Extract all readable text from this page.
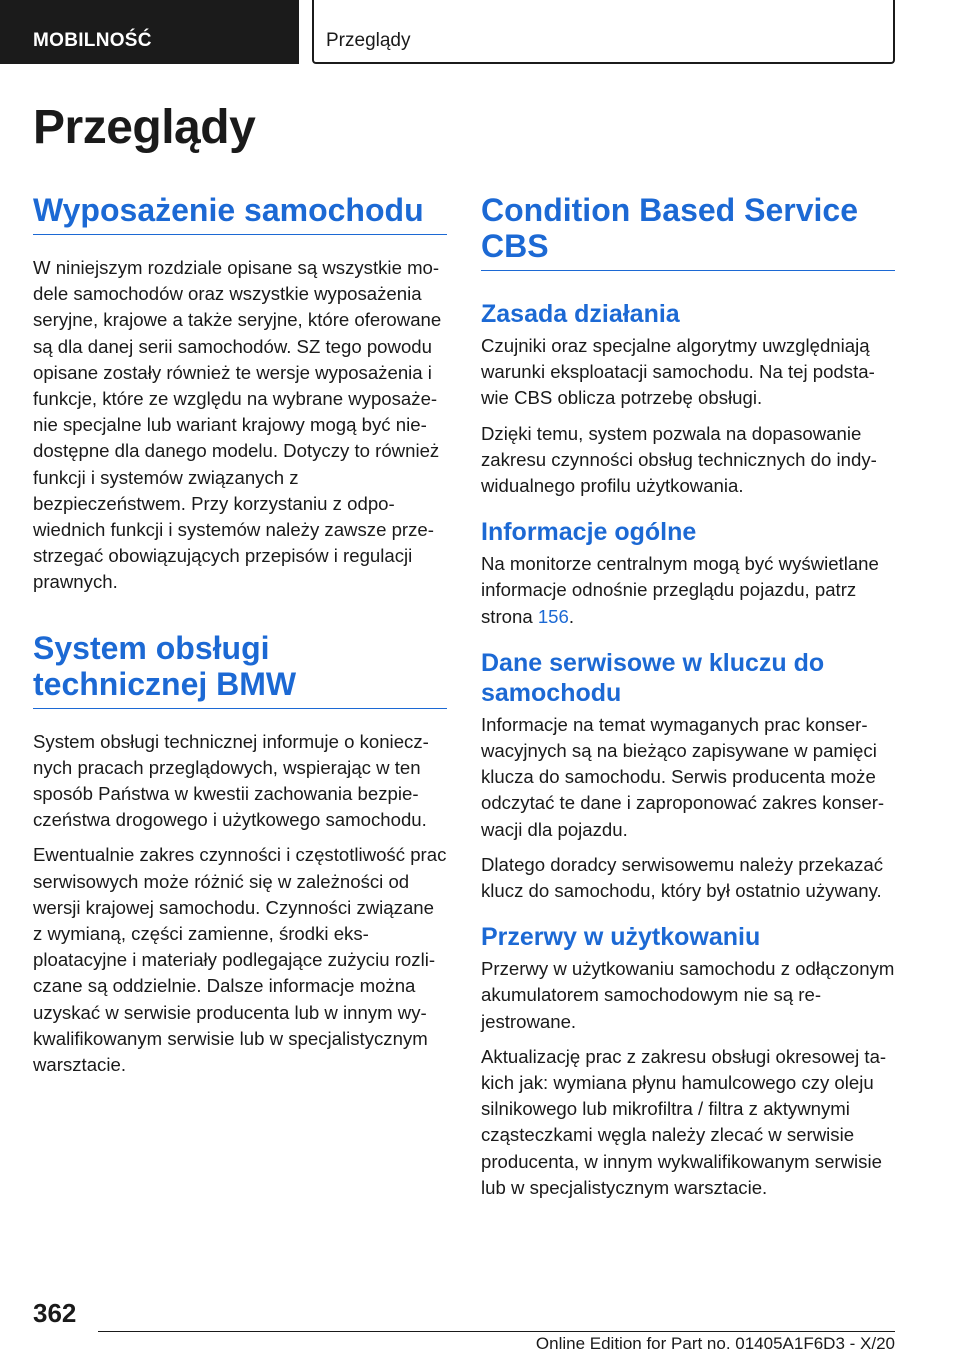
MOBILNOŚĆ	Przeglądy
Przeglądy
Wyposażenie samochodu

W niniejszym rozdziale opisane są wszystkie modele samochodów oraz wszystkie wyposażenia seryjne, krajowe a także seryjne, które oferowane są dla danej serii samochodów. SZ tego powodu opisane zostały również te wersje wyposażenia i funkcje, które ze względu na wybrane wyposażenie specjalne lub wariant krajowy mogą być niedostępne dla danego modelu. Dotyczy to również funkcji i systemów związanych z bezpieczeństwem. Przy korzystaniu z odpowiednich funkcji i systemów należy zawsze przestrzegać obowiązujących przepisów i regulacji prawnych.

System obsługi technicznej BMW

System obsługi technicznej informuje o koniecznych pracach przeglądowych, wspierając w ten sposób Państwa w kwestii zachowania bezpieczeństwa drogowego i użytkowego samochodu.

Ewentualnie zakres czynności i częstotliwość prac serwisowych może różnić się w zależności od wersji krajowej samochodu. Czynności związane z wymianą, części zamienne, środki eksploatacyjne i materiały podlegające zużyciu rozliczane są oddzielnie. Dalsze informacje można uzyskać w serwisie producenta lub w innym wykwalifikowanym serwisie lub w specjalistycznym warsztacie.

Condition Based Service CBS
Zasada działania

Czujniki oraz specjalne algorytmy uwzględniają warunki eksploatacji samochodu. Na tej podstawie CBS oblicza potrzebę obsługi.

Dzięki temu, system pozwala na dopasowanie zakresu czynności obsług technicznych do indywidualnego profilu użytkowania.

Informacje ogólne

Na monitorze centralnym mogą być wyświetlane informacje odnośnie przeglądu pojazdu, patrz strona 156.

Dane serwisowe w kluczu do samochodu

Informacje na temat wymaganych prac konserwacyjnych są na bieżąco zapisywane w pamięci klucza do samochodu. Serwis producenta może odczytać te dane i zaproponować zakres konserwacji dla pojazdu.

Dlatego doradcy serwisowemu należy przekazać klucz do samochodu, który był ostatnio używany.

Przerwy w użytkowaniu

Przerwy w użytkowaniu samochodu z odłączonym akumulatorem samochodowym nie są rejestrowane.

Aktualizację prac z zakresu obsługi okresowej takich jak: wymiana płynu hamulcowego czy oleju silnikowego lub mikrofiltra / filtra z aktywnymi cząsteczkami węgla należy zlecać w serwisie producenta, w innym wykwalifikowanym serwisie lub w specjalistycznym warsztacie.

362
Online Edition for Part no. 01405A1F6D3 - X/20
